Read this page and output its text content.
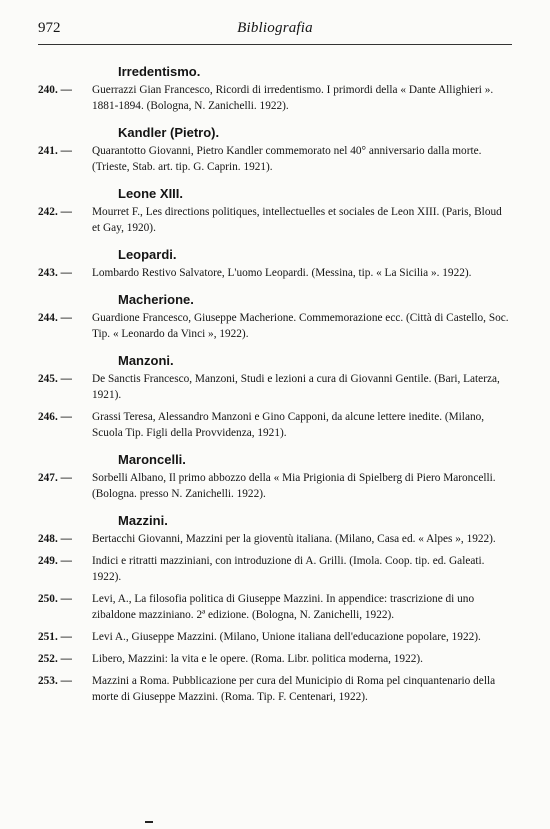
972	Bibliografia
Irredentismo.
240. —	Guerrazzi Gian Francesco, Ricordi di irredentismo. I primordi della « Dante Allighieri ». 1881-1894. (Bologna, N. Zanichelli. 1922).
Kandler (Pietro).
241. —	Quarantotto Giovanni, Pietro Kandler commemorato nel 40° anniversario dalla morte. (Trieste, Stab. art. tip. G. Caprin. 1921).
Leone XIII.
242. —	Mourret F., Les directions politiques, intellectuelles et sociales de Leon XIII. (Paris, Bloud et Gay, 1920).
Leopardi.
243. —	Lombardo Restivo Salvatore, L'uomo Leopardi. (Messina, tip. « La Sicilia ». 1922).
Macherione.
244. —	Guardione Francesco, Giuseppe Macherione. Commemorazione ecc. (Città di Castello, Soc. Tip. « Leonardo da Vinci », 1922).
Manzoni.
245. —	De Sanctis Francesco, Manzoni, Studi e lezioni a cura di Giovanni Gentile. (Bari, Laterza, 1921).
246. —	Grassi Teresa, Alessandro Manzoni e Gino Capponi, da alcune lettere inedite. (Milano, Scuola Tip. Figli della Provvidenza, 1921).
Maroncelli.
247. —	Sorbelli Albano, Il primo abbozzo della « Mia Prigionia di Spielberg di Piero Maroncelli. (Bologna. presso N. Zanichelli. 1922).
Mazzini.
248. —	Bertacchi Giovanni, Mazzini per la gioventù italiana. (Milano, Casa ed. « Alpes », 1922).
249. —	Indici e ritratti mazziniani, con introduzione di A. Grilli. (Imola. Coop. tip. ed. Galeati. 1922).
250. —	Levi, A., La filosofia politica di Giuseppe Mazzini. In appendice: trascrizione di uno zibaldone mazziniano. 2ª edizione. (Bologna, N. Zanichelli, 1922).
251. —	Levi A., Giuseppe Mazzini. (Milano, Unione italiana dell'educazione popolare, 1922).
252. —	Libero, Mazzini: la vita e le opere. (Roma. Libr. politica moderna, 1922).
253. —	Mazzini a Roma. Pubblicazione per cura del Municipio di Roma pel cinquantenario della morte di Giuseppe Mazzini. (Roma. Tip. F. Centenari, 1922).
